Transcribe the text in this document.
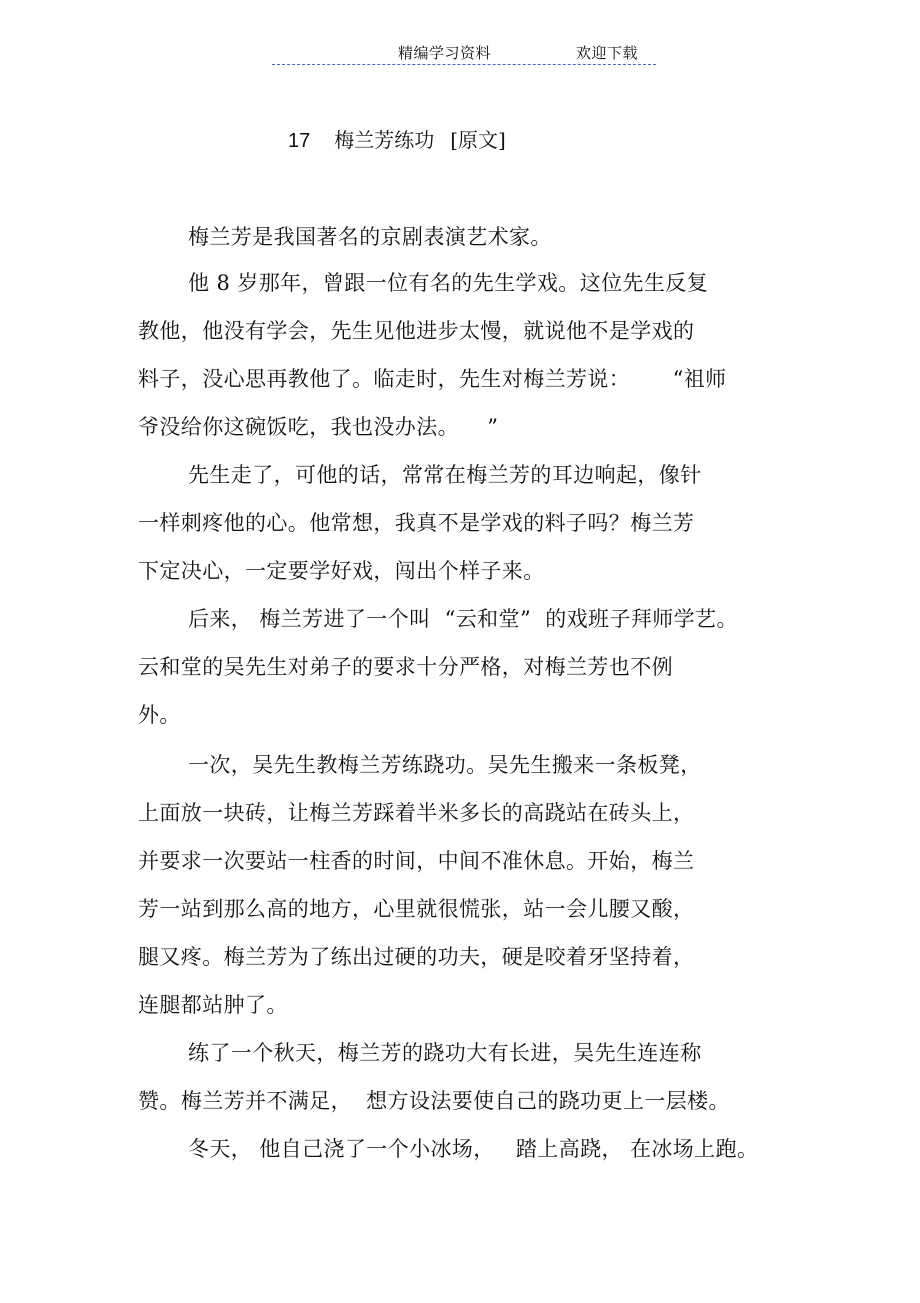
精编学习资料	欢迎下载
17 梅兰芳练功 [原文]
梅兰芳是我国著名的京剧表演艺术家。
他 8 岁那年，曾跟一位有名的先生学戏。这位先生反复
教他，他没有学会，先生见他进步太慢，就说他不是学戏的
料子，没心思再教他了。临走时，先生对梅兰芳说：      “祖师
爷没给你这碗饭吃，我也没办法。    ”
先生走了，可他的话，常常在梅兰芳的耳边响起，像针
一样刺疼他的心。他常想，我真不是学戏的料子吗？梅兰芳
下定决心，一定要学好戏，闯出个样子来。
后来， 梅兰芳进了一个叫  “云和堂”  的戏班子拜师学艺。
云和堂的吴先生对弟子的要求十分严格，对梅兰芳也不例
外。
一次，吴先生教梅兰芳练跷功。吴先生搬来一条板凳，
上面放一块砖，让梅兰芳踩着半米多长的高跷站在砖头上，
并要求一次要站一柱香的时间，中间不准休息。开始，梅兰
芳一站到那么高的地方，心里就很慌张，站一会儿腰又酸，
腿又疼。梅兰芳为了练出过硬的功夫，硬是咬着牙坚持着，
连腿都站肿了。
练了一个秋天，梅兰芳的跷功大有长进，吴先生连连称
赞。梅兰芳并不满足，  想方设法要使自己的跷功更上一层楼。
冬天， 他自己浇了一个小冰场，   踏上高跷， 在冰场上跑。
